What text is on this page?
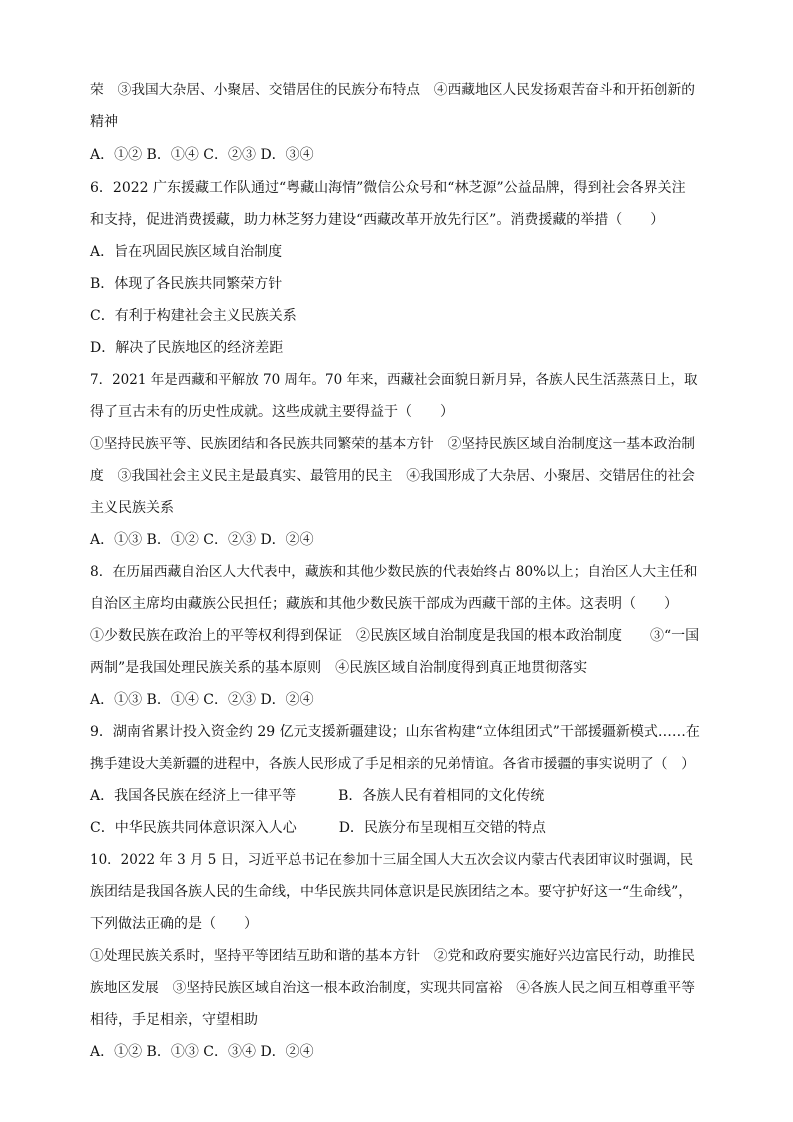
荣　③我国大杂居、小聚居、交错居住的民族分布特点　④西藏地区人民发扬艰苦奋斗和开拓创新的
精神
A．①② B．①④ C．②③ D．③④
6．2022 广东援藏工作队通过“粤藏山海情”微信公众号和“林芝源”公益品牌，得到社会各界关注
和支持，促进消费援藏，助力林芝努力建设“西藏改革开放先行区”。消费援藏的举措（　　）
A．旨在巩固民族区域自治制度
B．体现了各民族共同繁荣方针
C．有利于构建社会主义民族关系
D．解决了民族地区的经济差距
7．2021 年是西藏和平解放 70 周年。70 年来，西藏社会面貌日新月异，各族人民生活蒸蒸日上，取
得了亘古未有的历史性成就。这些成就主要得益于（　　）
①坚持民族平等、民族团结和各民族共同繁荣的基本方针　②坚持民族区域自治制度这一基本政治制
度　③我国社会主义民主是最真实、最管用的民主　④我国形成了大杂居、小聚居、交错居住的社会
主义民族关系
A．①③ B．①② C．②③ D．②④
8．在历届西藏自治区人大代表中，藏族和其他少数民族的代表始终占 80%以上；自治区人大主任和
自治区主席均由藏族公民担任；藏族和其他少数民族干部成为西藏干部的主体。这表明（　　）
①少数民族在政治上的平等权利得到保证　②民族区域自治制度是我国的根本政治制度　　③“一国
两制”是我国处理民族关系的基本原则　④民族区域自治制度得到真正地贯彻落实
A．①③ B．①④ C．②③ D．②④
9．湖南省累计投入资金约 29 亿元支援新疆建设；山东省构建“立体组团式”干部援疆新模式……在
携手建设大美新疆的进程中，各族人民形成了手足相亲的兄弟情谊。各省市援疆的事实说明了（　）
A．我国各民族在经济上一律平等　　　B．各族人民有着相同的文化传统
C．中华民族共同体意识深入人心　　　D．民族分布呈现相互交错的特点
10．2022 年 3 月 5 日，习近平总书记在参加十三届全国人大五次会议内蒙古代表团审议时强调，民
族团结是我国各族人民的生命线，中华民族共同体意识是民族团结之本。要守护好这一“生命线”，
下列做法正确的是（　　）
①处理民族关系时，坚持平等团结互助和谐的基本方针　②党和政府要实施好兴边富民行动，助推民
族地区发展　③坚持民族区域自治这一根本政治制度，实现共同富裕　④各族人民之间互相尊重平等
相待，手足相亲，守望相助
A．①② B．①③ C．③④ D．②④
